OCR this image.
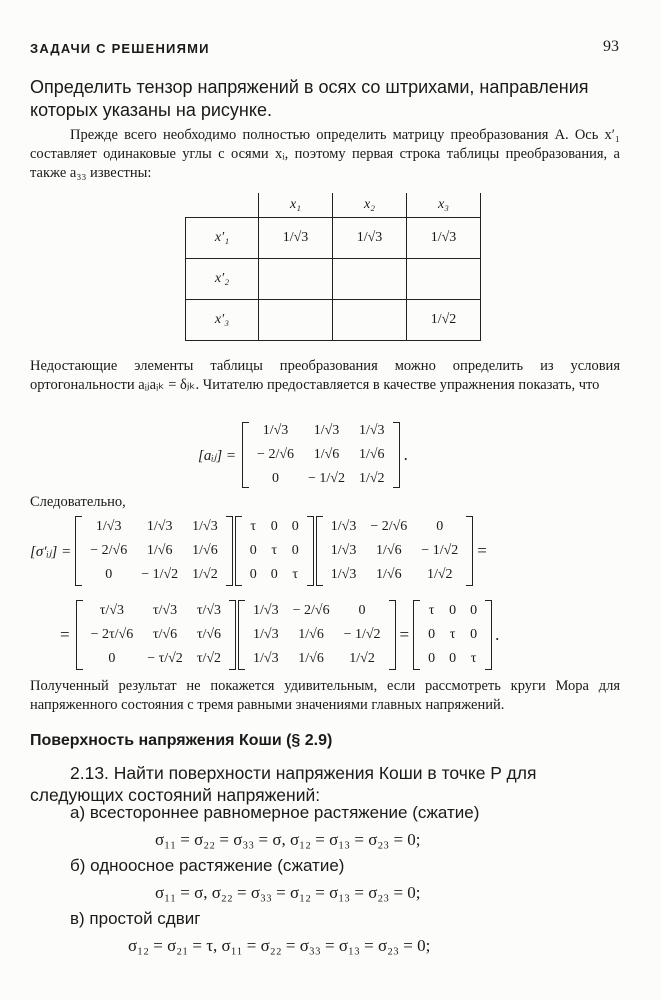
ЗАДАЧИ С РЕШЕНИЯМИ	93
Определить тензор напряжений в осях со штрихами, направления которых указаны на рисунке.
Прежде всего необходимо полностью определить матрицу преобразования A. Ось x′₁ составляет одинаковые углы с осями xᵢ, поэтому первая строка таблицы преобразования, а также a₃₃ известны:
	x₁	x₂	x₃
x′₁	1/√3	1/√3	1/√3
x′₂			
x′₃			1/√2
Недостающие элементы таблицы преобразования можно определить из условия ортогональности aᵢⱼaᵢₖ = δⱼₖ. Читателю предоставляется в качестве упражнения показать, что
[aᵢⱼ] =
1/√3	1/√3	1/√3
− 2/√6	1/√6	1/√6
0	− 1/√2	1/√2
.
Следовательно,
[σ′ᵢⱼ] =
1/√3	1/√3	1/√3
− 2/√6	1/√6	1/√6
0	− 1/√2	1/√2
τ	0	0
0	τ	0
0	0	τ
1/√3	− 2/√6	0
1/√3	1/√6	− 1/√2
1/√3	1/√6	1/√2
=
=
τ/√3	τ/√3	τ/√3
− 2τ/√6	τ/√6	τ/√6
0	− τ/√2	τ/√2
1/√3	− 2/√6	0
1/√3	1/√6	− 1/√2
1/√3	1/√6	1/√2
=
τ	0	0
0	τ	0
0	0	τ
.
Полученный результат не покажется удивительным, если рассмотреть круги Мора для напряженного состояния с тремя равными значениями главных напряжений.
Поверхность напряжения Коши (§ 2.9)
2.13. Найти поверхности напряжения Коши в точке P для следующих состояний напряжений:
а) всестороннее равномерное растяжение (сжатие)
σ₁₁ = σ₂₂ = σ₃₃ = σ, σ₁₂ = σ₁₃ = σ₂₃ = 0;
б) одноосное растяжение (сжатие)
σ₁₁ = σ, σ₂₂ = σ₃₃ = σ₁₂ = σ₁₃ = σ₂₃ = 0;
в) простой сдвиг
σ₁₂ = σ₂₁ = τ, σ₁₁ = σ₂₂ = σ₃₃ = σ₁₃ = σ₂₃ = 0;
